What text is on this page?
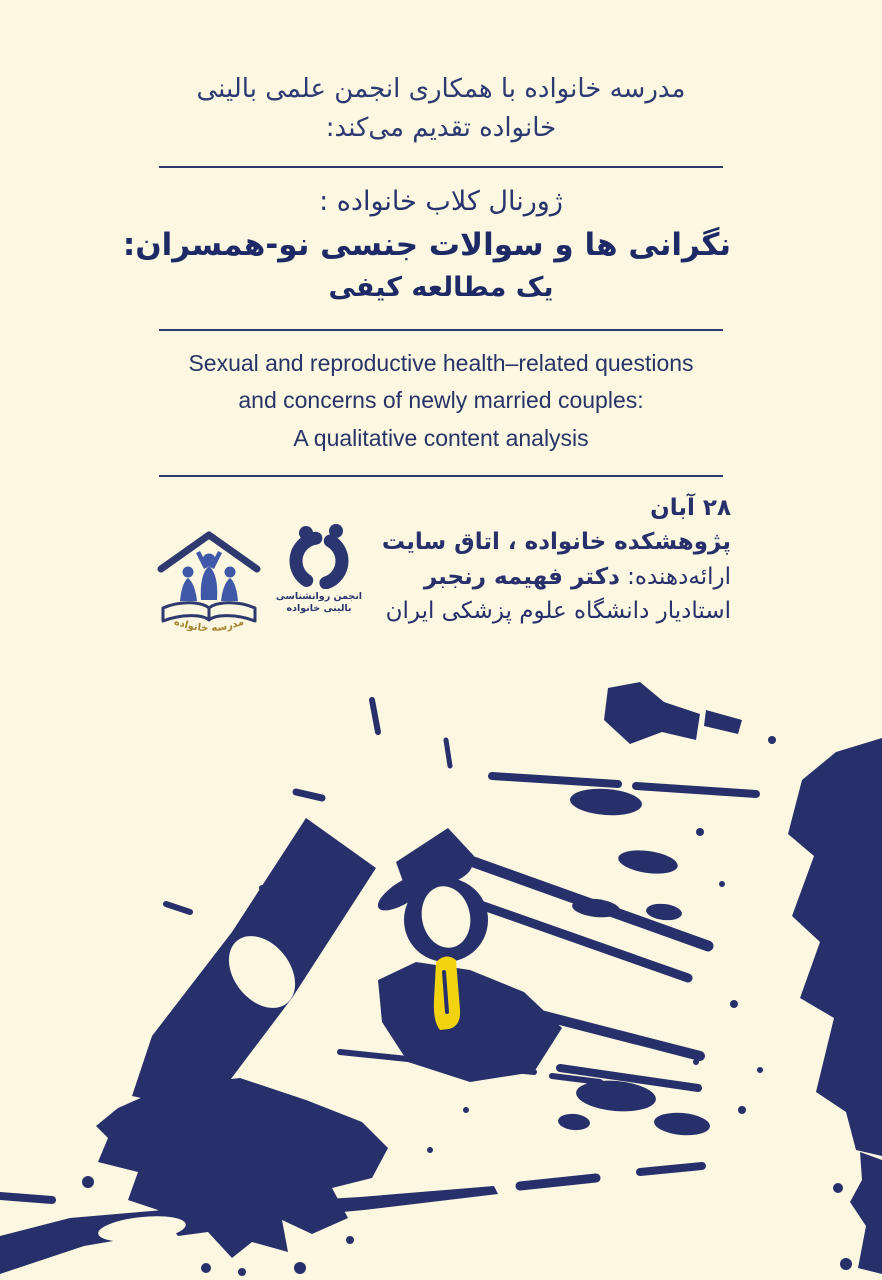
مدرسه خانواده با همکاری انجمن علمی بالینی
خانواده تقدیم می‌کند:
ژورنال کلاب خانواده :
نگرانی ها و سوالات جنسی نو-همسران:
یک مطالعه کیفی
Sexual and reproductive health–related questions
and concerns of newly married couples:
A qualitative content analysis
مدرسه خانواده
انجمن روانشناسی
بالینی خانواده
۲۸ آبان
پژوهشکده خانواده ، اتاق سایت
ارائه‌دهنده: دکتر فهیمه رنجبر
استادیار دانشگاه علوم پزشکی ایران
